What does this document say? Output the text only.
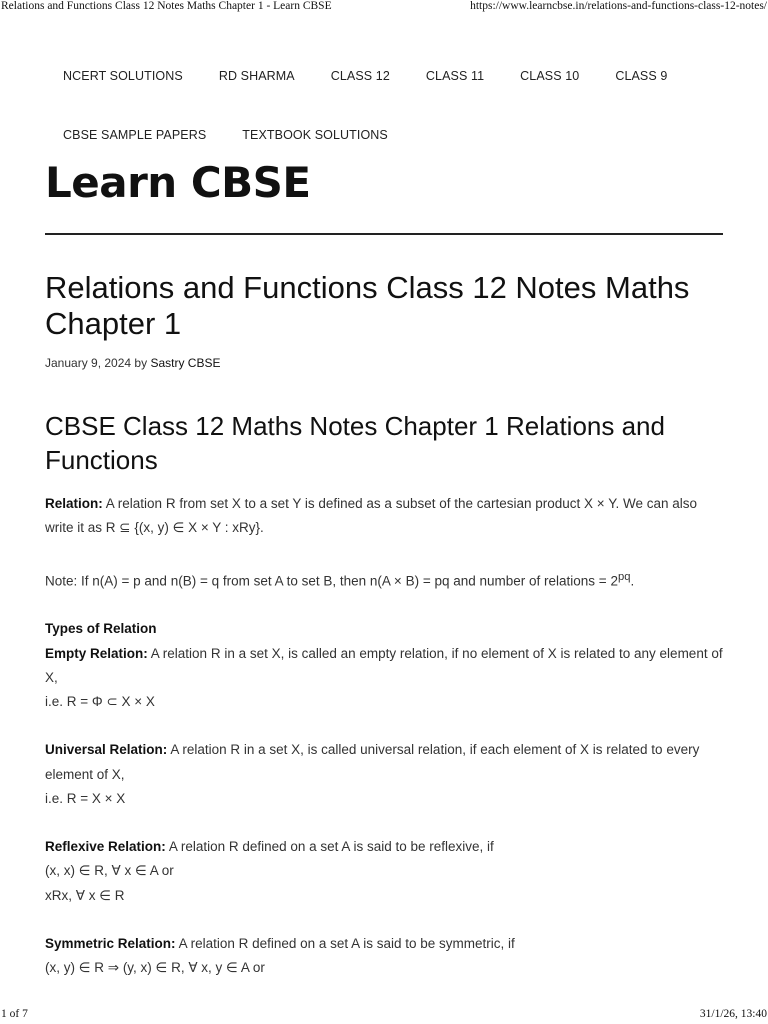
Relations and Functions Class 12 Notes Maths Chapter 1 - Learn CBSE	https://www.learncbse.in/relations-and-functions-class-12-notes/
NCERT SOLUTIONS	RD SHARMA	CLASS 12	CLASS 11	CLASS 10	CLASS 9
CBSE SAMPLE PAPERS	TEXTBOOK SOLUTIONS
Learn CBSE
Relations and Functions Class 12 Notes Maths Chapter 1
January 9, 2024 by Sastry CBSE
CBSE Class 12 Maths Notes Chapter 1 Relations and Functions

Relation: A relation R from set X to a set Y is defined as a subset of the cartesian product X × Y. We can also write it as R ⊆ {(x, y) ∈ X × Y : xRy}.

Note: If n(A) = p and n(B) = q from set A to set B, then n(A × B) = pq and number of relations = $2^{pq}$.

Types of Relation

Empty Relation: A relation R in a set X, is called an empty relation, if no element of X is related to any element of X,

i.e. R = Φ ⊂ X × X

Universal Relation: A relation R in a set X, is called universal relation, if each element of X is related to every element of X,

i.e. R = X × X

Reflexive Relation: A relation R defined on a set A is said to be reflexive, if

(x, x) ∈ R, ∀ x ∈ A or

xRx, ∀ x ∈ R

Symmetric Relation: A relation R defined on a set A is said to be symmetric, if

(x, y) ∈ R ⇒ (y, x) ∈ R, ∀ x, y ∈ A or

1 of 7	31/1/26, 13:40
